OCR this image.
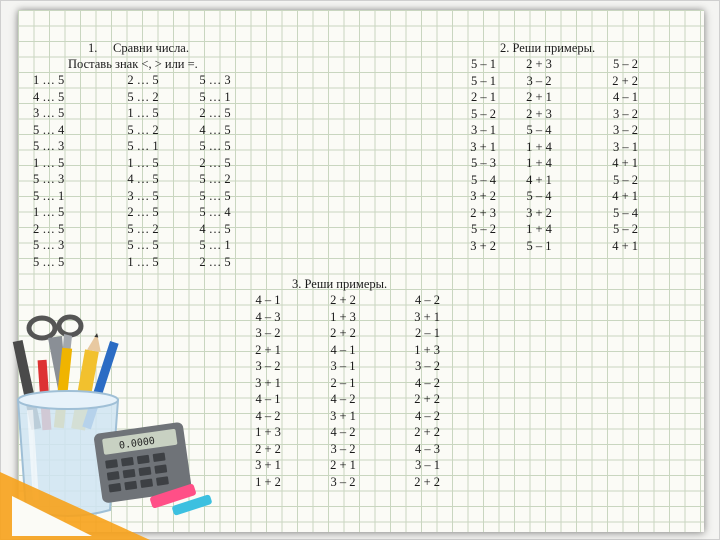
1. Сравни числа.
Поставь знак <, > или =.
1 … 5
4 … 5
3 … 5
5 … 4
5 … 3
1 … 5
5 … 3
5 … 1
1 … 5
2 … 5
5 … 3
5 … 5
2 … 5
5 … 2
1 … 5
5 … 2
5 … 1
1 … 5
4 … 5
3 … 5
2 … 5
5 … 2
5 … 5
1 … 5
5 … 3
5 … 1
2 … 5
4 … 5
5 … 5
2 … 5
5 … 2
5 … 5
5 … 4
4 … 5
5 … 1
2 … 5
2. Реши примеры.
5 – 1
5 – 1
2 – 1
5 – 2
3 – 1
3 + 1
5 – 3
5 – 4
3 + 2
2 + 3
5 – 2
3 + 2
2 + 3
3 – 2
2 + 1
2 + 3
5 – 4
1 + 4
1 + 4
4 + 1
5 – 4
3 + 2
1 + 4
5 – 1
5 – 2
2 + 2
4 – 1
3 – 2
3 – 2
3 – 1
4 + 1
5 – 2
4 + 1
5 – 4
5 – 2
4 + 1
3. Реши примеры.
4 – 1
4 – 3
3 – 2
2 + 1
3 – 2
3 + 1
4 – 1
4 – 2
1 + 3
2 + 2
3 + 1
1 + 2
2 + 2
1 + 3
2 + 2
4 – 1
3 – 1
2 – 1
4 – 2
3 + 1
4 – 2
3 – 2
2 + 1
3 – 2
4 – 2
3 + 1
2 – 1
1 + 3
3 – 2
4 – 2
2 + 2
4 – 2
2 + 2
4 – 3
3 – 1
2 + 2
0.0000
